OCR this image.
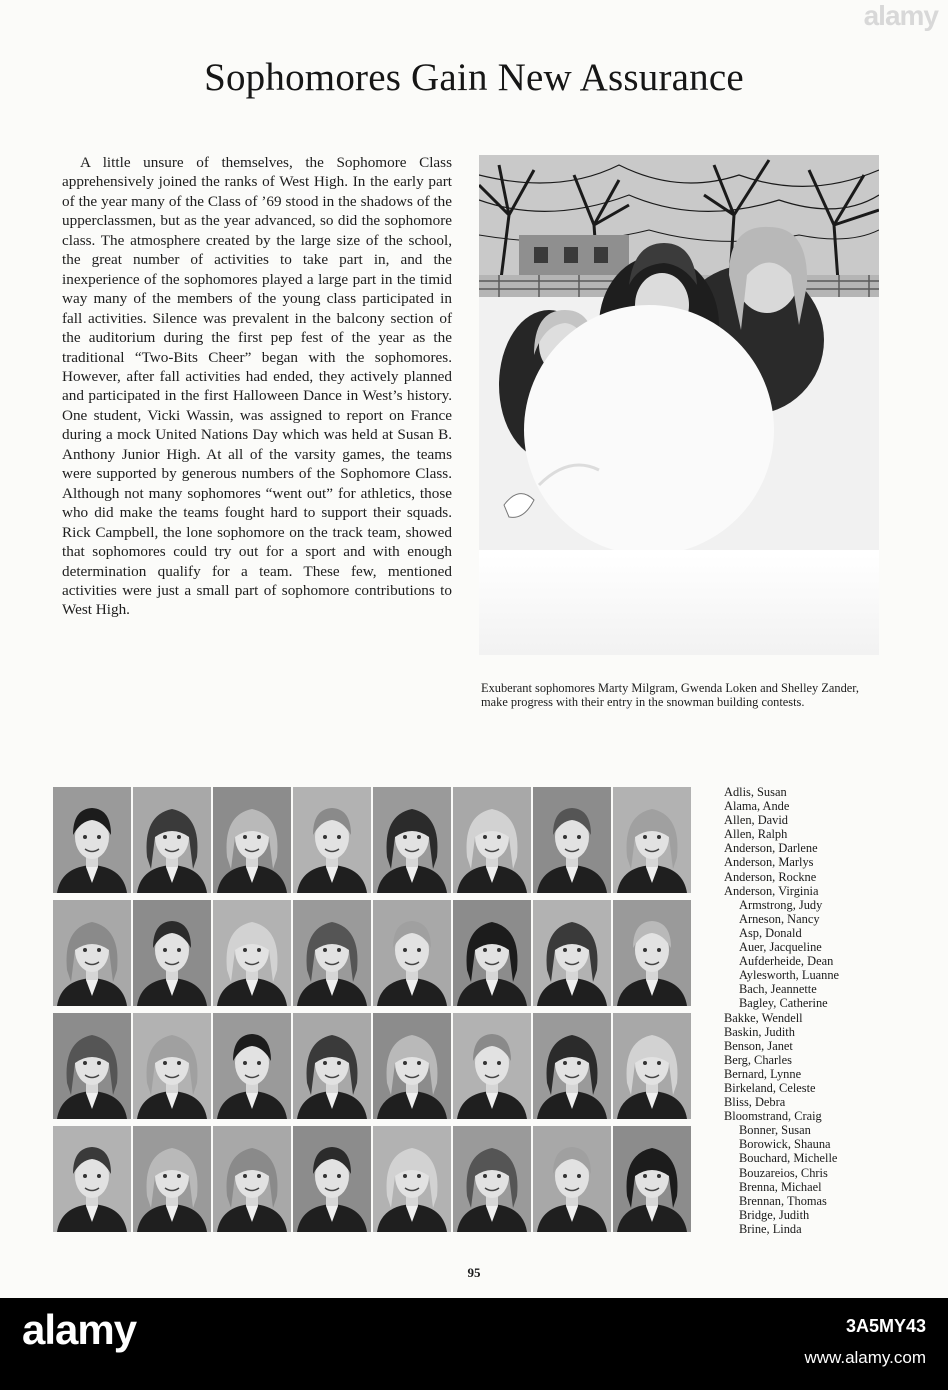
alamy
Sophomores Gain New Assurance

A little unsure of themselves, the Sophomore Class apprehensively joined the ranks of West High. In the early part of the year many of the Class of ’69 stood in the shadows of the upperclassmen, but as the year advanced, so did the sophomore class. The atmosphere created by the large size of the school, the great number of activities to take part in, and the inexperience of the sophomores played a large part in the timid way many of the members of the young class participated in fall activities. Silence was prevalent in the balcony section of the auditorium during the first pep fest of the year as the traditional “Two-Bits Cheer” began with the sophomores. However, after fall activities had ended, they actively planned and participated in the first Halloween Dance in West’s history. One student, Vicki Wassin, was assigned to report on France during a mock United Nations Day which was held at Susan B. Anthony Junior High. At all of the varsity games, the teams were supported by generous numbers of the Sophomore Class. Although not many sophomores “went out” for athletics, those who did make the teams fought hard to support their squads. Rick Campbell, the lone sophomore on the track team, showed that sophomores could try out for a sport and with enough determination qualify for a team. These few, mentioned activities were just a small part of sophomore contributions to West High.

Exuberant sophomores Marty Milgram, Gwenda Loken and Shelley Zander, make progress with their entry in the snowman building contests.

Adlis, Susan
Alama, Ande
Allen, David
Allen, Ralph
Anderson, Darlene
Anderson, Marlys
Anderson, Rockne
Anderson, Virginia
Armstrong, Judy
Arneson, Nancy
Asp, Donald
Auer, Jacqueline
Aufderheide, Dean
Aylesworth, Luanne
Bach, Jeannette
Bagley, Catherine
Bakke, Wendell
Baskin, Judith
Benson, Janet
Berg, Charles
Bernard, Lynne
Birkeland, Celeste
Bliss, Debra
Bloomstrand, Craig
Bonner, Susan
Borowick, Shauna
Bouchard, Michelle
Bouzareios, Chris
Brenna, Michael
Brennan, Thomas
Bridge, Judith
Brine, Linda
95
alamy	3A5MY43
www.alamy.com
